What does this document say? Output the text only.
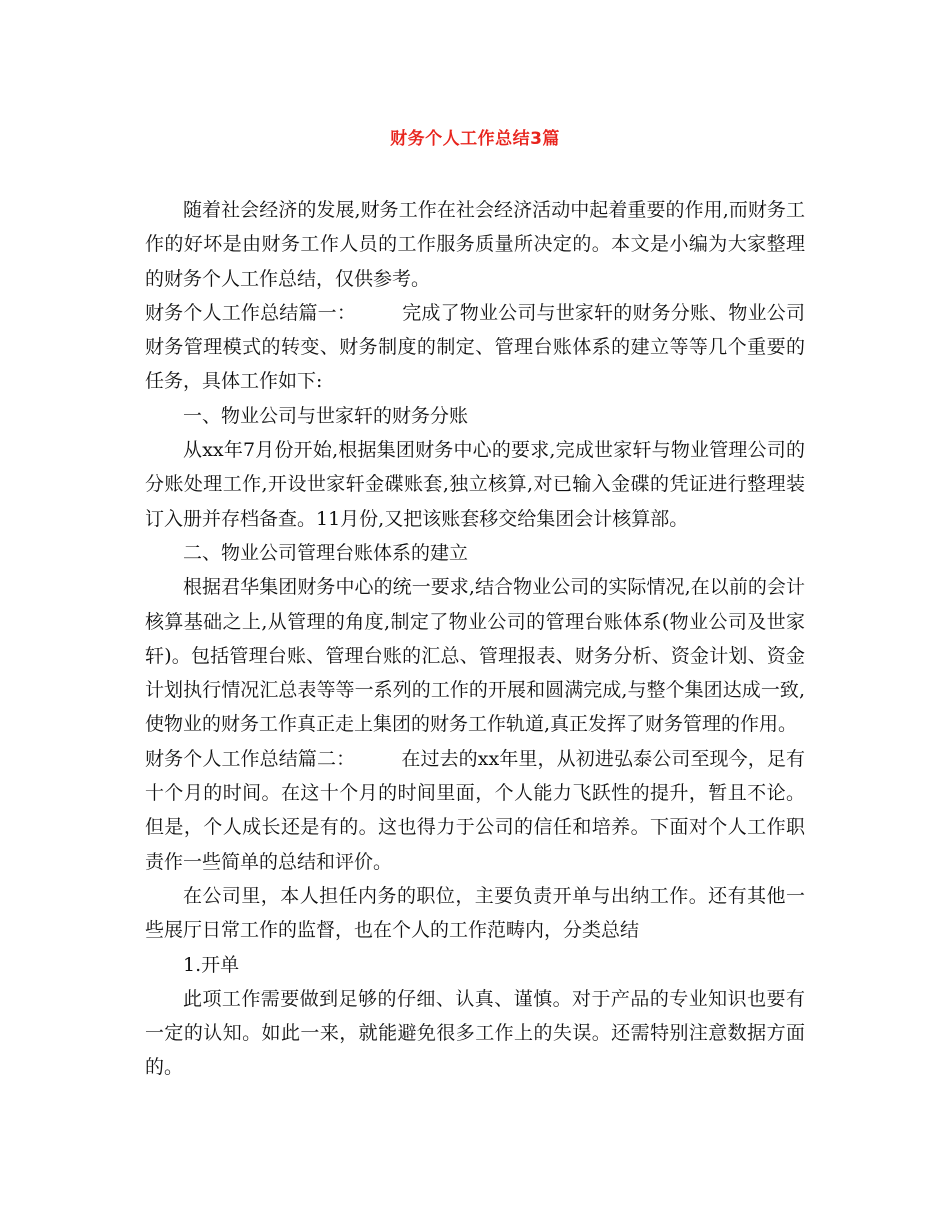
财务个人工作总结3篇

随着社会经济的发展,财务工作在社会经济活动中起着重要的作用,而财务工作的好坏是由财务工作人员的工作服务质量所决定的。本文是小编为大家整理的财务个人工作总结，仅供参考。

财务个人工作总结篇一： 完成了物业公司与世家轩的财务分账、物业公司财务管理模式的转变、财务制度的制定、管理台账体系的建立等等几个重要的任务，具体工作如下:

一、物业公司与世家轩的财务分账

从xx年7月份开始,根据集团财务中心的要求,完成世家轩与物业管理公司的分账处理工作,开设世家轩金碟账套,独立核算,对已输入金碟的凭证进行整理装订入册并存档备查。11月份,又把该账套移交给集团会计核算部。

二、物业公司管理台账体系的建立

根据君华集团财务中心的统一要求,结合物业公司的实际情况,在以前的会计核算基础之上,从管理的角度,制定了物业公司的管理台账体系(物业公司及世家轩)。包括管理台账、管理台账的汇总、管理报表、财务分析、资金计划、资金计划执行情况汇总表等等一系列的工作的开展和圆满完成,与整个集团达成一致,使物业的财务工作真正走上集团的财务工作轨道,真正发挥了财务管理的作用。

财务个人工作总结篇二： 在过去的xx年里，从初进弘泰公司至现今，足有十个月的时间。在这十个月的时间里面，个人能力飞跃性的提升，暂且不论。但是，个人成长还是有的。这也得力于公司的信任和培养。下面对个人工作职责作一些简单的总结和评价。

在公司里，本人担任内务的职位，主要负责开单与出纳工作。还有其他一些展厅日常工作的监督，也在个人的工作范畴内，分类总结

1.开单

此项工作需要做到足够的仔细、认真、谨慎。对于产品的专业知识也要有一定的认知。如此一来，就能避免很多工作上的失误。还需特别注意数据方面的。
